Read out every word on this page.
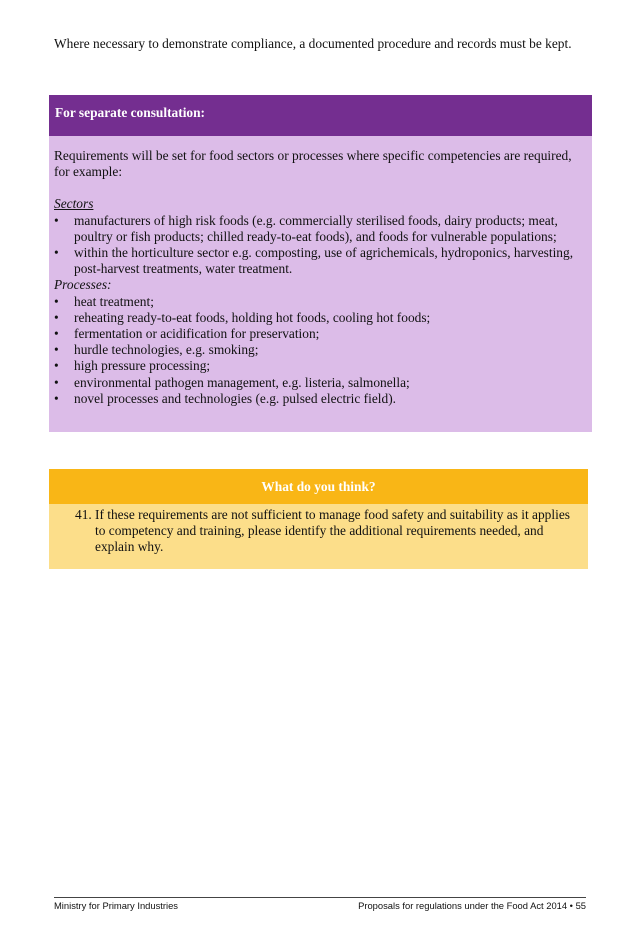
Where necessary to demonstrate compliance, a documented procedure and records must be kept.
For separate consultation:

Requirements will be set for food sectors or processes where specific competencies are required, for example:

Sectors
• manufacturers of high risk foods (e.g. commercially sterilised foods, dairy products; meat, poultry or fish products; chilled ready-to-eat foods), and foods for vulnerable populations;
• within the horticulture sector e.g. composting, use of agrichemicals, hydroponics, harvesting, post-harvest treatments, water treatment.
Processes:
• heat treatment;
• reheating ready-to-eat foods, holding hot foods, cooling hot foods;
• fermentation or acidification for preservation;
• hurdle technologies, e.g. smoking;
• high pressure processing;
• environmental pathogen management, e.g. listeria, salmonella;
• novel processes and technologies (e.g. pulsed electric field).
What do you think?
41. If these requirements are not sufficient to manage food safety and suitability as it applies to competency and training, please identify the additional requirements needed, and explain why.
Ministry for Primary Industries	Proposals for regulations under the Food Act 2014 • 55
